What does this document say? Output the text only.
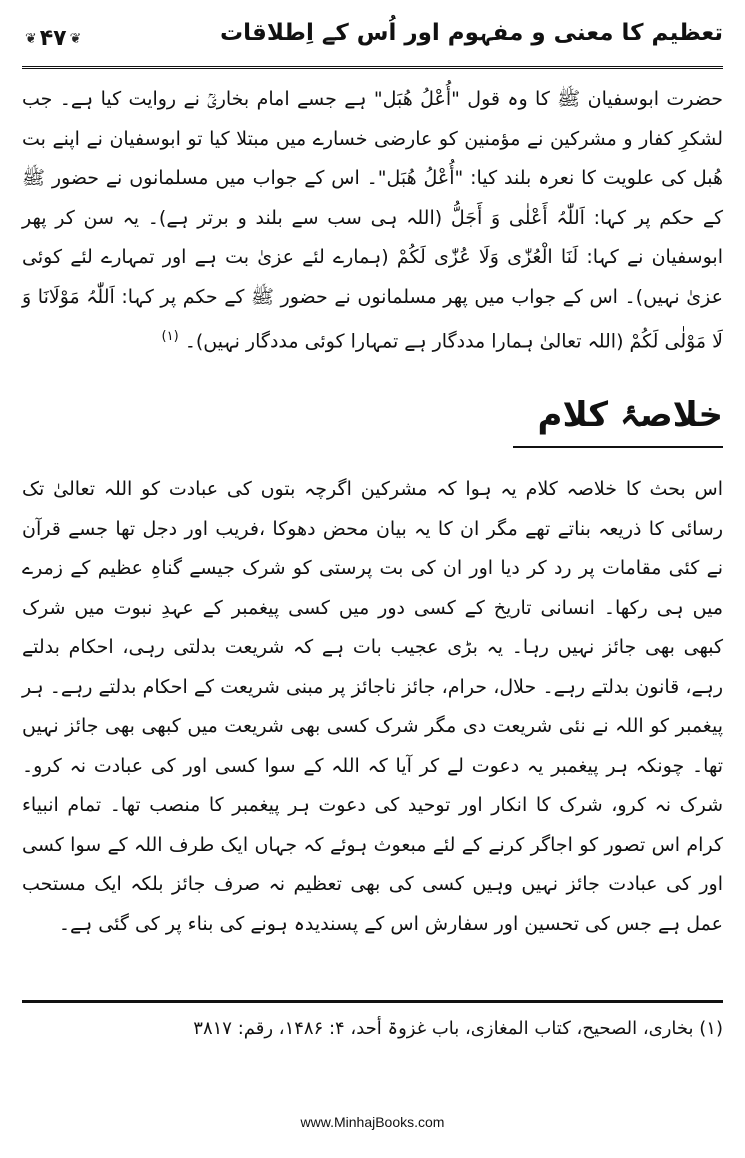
تعظیم کا معنی و مفہوم اور اُس کے اِطلاقات
❦ ۴۷ ❦

حضرت ابوسفیان ﷺ کا وہ قول "أُعْلُ هُبَل" ہے جسے امام بخاریؒ نے روایت کیا ہے۔ جب لشکرِ کفار و مشرکین نے مؤمنین کو عارضی خسارے میں مبتلا کیا تو ابوسفیان نے اپنے بت ھُبل کی علویت کا نعرہ بلند کیا: "أُعْلُ هُبَل"۔ اس کے جواب میں مسلمانوں نے حضور ﷺ کے حکم پر کہا: اَللّٰہُ أَعْلٰی وَ أَجَلُّ (اللہ ہی سب سے بلند و برتر ہے)۔ یہ سن کر پھر ابوسفیان نے کہا: لَنَا الْعُزّٰی وَلَا عُزّٰی لَکُمْ (ہمارے لئے عزیٰ بت ہے اور تمہارے لئے کوئی عزیٰ نہیں)۔ اس کے جواب میں پھر مسلمانوں نے حضور ﷺ کے حکم پر کہا: اَللّٰہُ مَوْلَانَا وَ لَا مَوْلٰی لَکُمْ (اللہ تعالیٰ ہمارا مددگار ہے تمہارا کوئی مددگار نہیں)۔ $^{(۱)}$

خلاصۂ کلام

اس بحث کا خلاصہ کلام یہ ہوا کہ مشرکین اگرچہ بتوں کی عبادت کو اللہ تعالیٰ تک رسائی کا ذریعہ بناتے تھے مگر ان کا یہ بیان محض دھوکا ،فریب اور دجل تھا جسے قرآن نے کئی مقامات پر رد کر دیا اور ان کی بت پرستی کو شرک جیسے گناہِ عظیم کے زمرے میں ہی رکھا۔ انسانی تاریخ کے کسی دور میں کسی پیغمبر کے عہدِ نبوت میں شرک کبھی بھی جائز نہیں رہا۔ یہ بڑی عجیب بات ہے کہ شریعت بدلتی رہی، احکام بدلتے رہے، قانون بدلتے رہے۔ حلال، حرام، جائز ناجائز پر مبنی شریعت کے احکام بدلتے رہے۔ ہر پیغمبر کو اللہ نے نئی شریعت دی مگر شرک کسی بھی شریعت میں کبھی بھی جائز نہیں تھا۔ چونکہ ہر پیغمبر یہ دعوت لے کر آیا کہ اللہ کے سوا کسی اور کی عبادت نہ کرو۔ شرک نہ کرو، شرک کا انکار اور توحید کی دعوت ہر پیغمبر کا منصب تھا۔ تمام انبیاء کرام اس تصور کو اجاگر کرنے کے لئے مبعوث ہوئے کہ جہاں ایک طرف اللہ کے سوا کسی اور کی عبادت جائز نہیں وہیں کسی کی بھی تعظیم نہ صرف جائز بلکہ ایک مستحب عمل ہے جس کی تحسین اور سفارش اس کے پسندیدہ ہونے کی بناء پر کی گئی ہے۔

(۱) بخاری، الصحیح، کتاب المغازی، باب غزوۃ أحد، ۴: ۱۴۸۶، رقم: ۳۸۱۷
www.MinhajBooks.com
